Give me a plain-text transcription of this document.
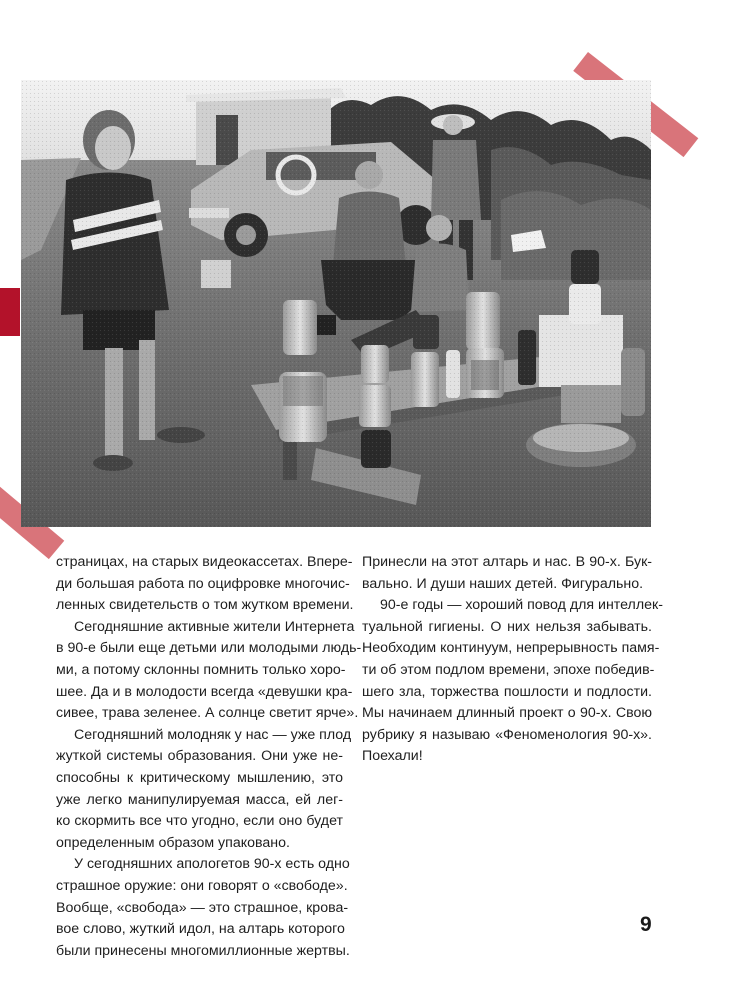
страницах, на старых видеокассетах. Впере-
ди большая работа по оцифровке многочис-
ленных свидетельств о том жутком времени.
Сегодняшние активные жители Интернета
в 90-е были еще детьми или молодыми людь-
ми, а потому склонны помнить только хоро-
шее. Да и в молодости всегда «девушки кра-
сивее, трава зеленее. А солнце светит ярче».
Сегодняшний молодняк у нас — уже плод
жуткой системы образования. Они уже не-
способны к критическому мышлению, это
уже легко манипулируемая масса, ей лег-
ко скормить все что угодно, если оно будет
определенным образом упаковано.
У сегодняшних апологетов 90-х есть одно
страшное оружие: они говорят о «свободе».
Вообще, «свобода» — это страшное, крова-
вое слово, жуткий идол, на алтарь которого
были принесены многомиллионные жертвы.
Принесли на этот алтарь и нас. В 90-х. Бук-
вально. И души наших детей. Фигурально.
90-е годы — хороший повод для интеллек-
туальной гигиены. О них нельзя забывать.
Необходим континуум, непрерывность памя-
ти об этом подлом времени, эпохе победив-
шего зла, торжества пошлости и подлости.
Мы начинаем длинный проект о 90-х. Свою
рубрику я называю «Феноменология 90-х».
Поехали!
9
